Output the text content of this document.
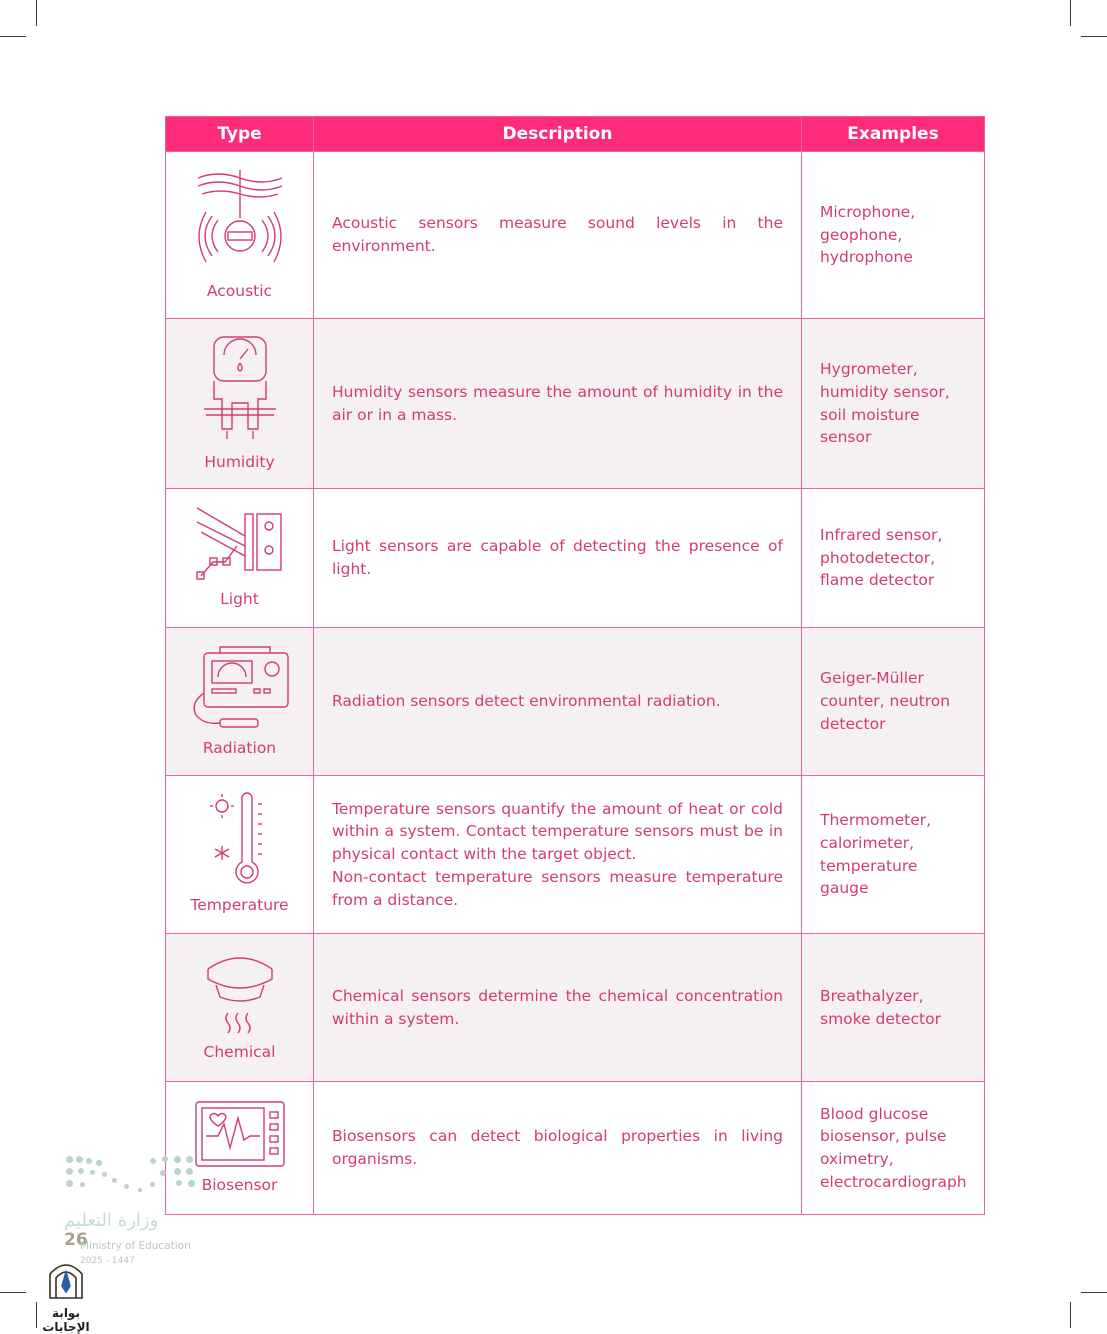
Type	Description	Examples

Acoustic	Acoustic sensors measure sound levels in the environment.	Microphone, geophone, hydrophone

Humidity	Humidity sensors measure the amount of humidity in the air or in a mass.	Hygrometer, humidity sensor, soil moisture sensor

Light	Light sensors are capable of detecting the presence of light.	Infrared sensor, photodetector, flame detector

Radiation	Radiation sensors detect environmental radiation.	Geiger-Müller counter, neutron detector

Temperature	Temperature sensors quantify the amount of heat or cold within a system. Contact temperature sensors must be in physical contact with the target object.
Non-contact temperature sensors measure temperature from a distance.	Thermometer, calorimeter, temperature gauge

Chemical	Chemical sensors determine the chemical concentration within a system.	Breathalyzer, smoke detector

Biosensor	Biosensors can detect biological properties in living organisms.	Blood glucose biosensor, pulse oximetry, electrocardiograph
وزارة التعليم
26
Ministry of Education
2025 - 1447
بوابة الإجابات
